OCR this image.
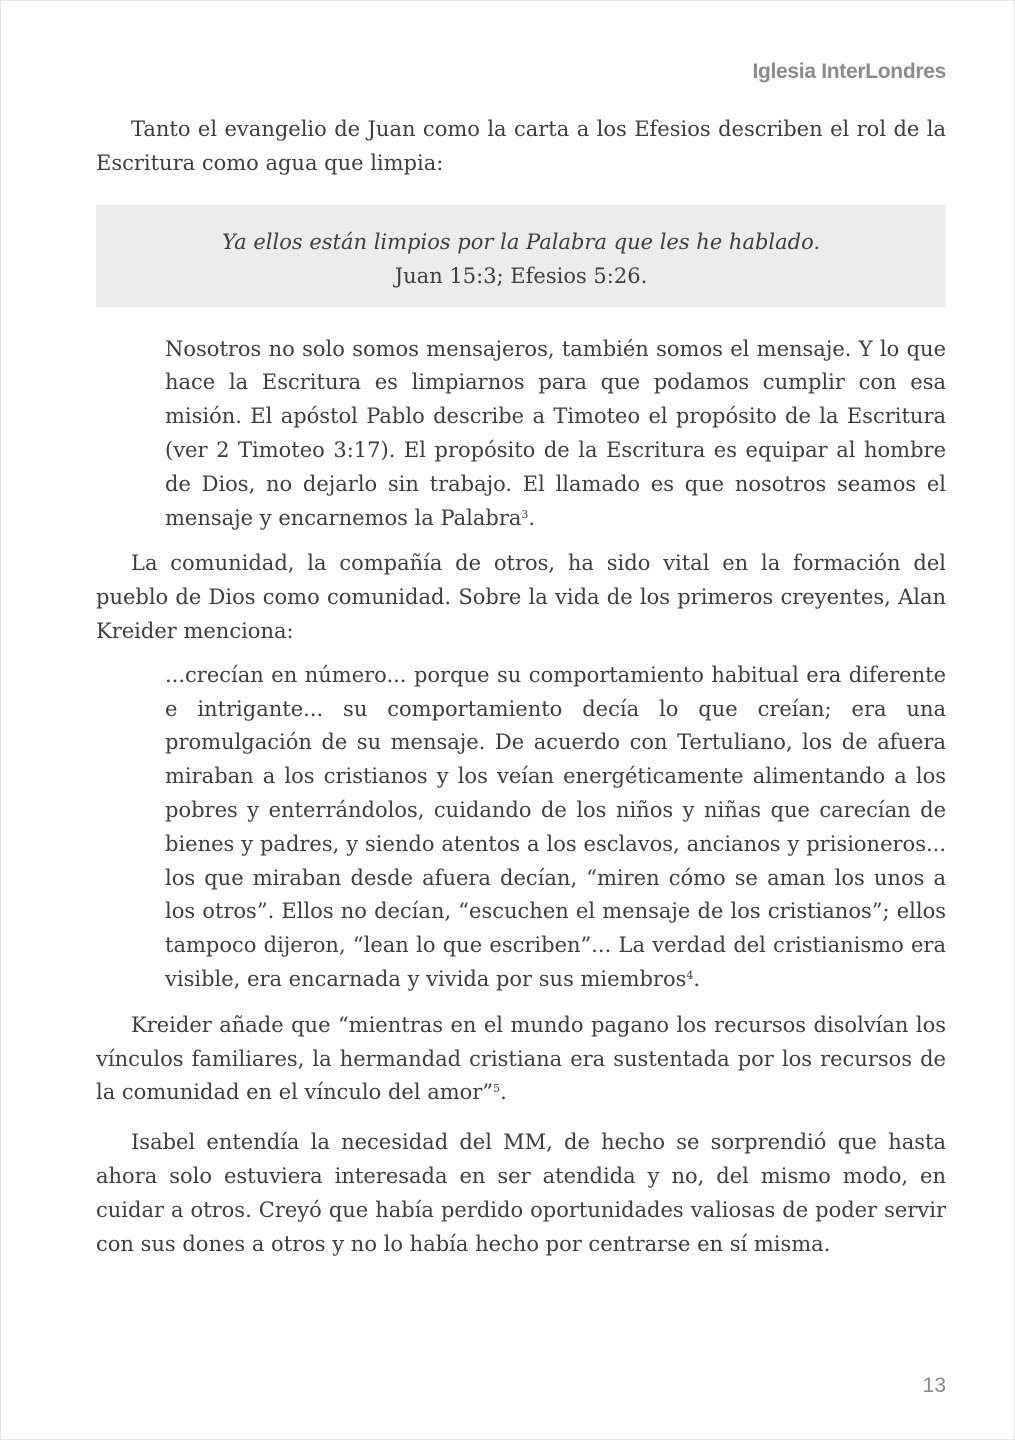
Iglesia InterLondres

Tanto el evangelio de Juan como la carta a los Efesios describen el rol de la Escritura como agua que limpia:

Ya ellos están limpios por la Palabra que les he hablado.
Juan 15:3; Efesios 5:26.

Nosotros no solo somos mensajeros, también somos el mensaje. Y lo que hace la Escritura es limpiarnos para que podamos cumplir con esa misión. El apóstol Pablo describe a Timoteo el propósito de la Escritura (ver 2 Timoteo 3:17). El propósito de la Escritura es equipar al hombre de Dios, no dejarlo sin trabajo. El llamado es que nosotros seamos el mensaje y encarnemos la Palabra$^3$.

La comunidad, la compañía de otros, ha sido vital en la formación del pueblo de Dios como comunidad. Sobre la vida de los primeros creyentes, Alan Kreider menciona:

...crecían en número... porque su comportamiento habitual era diferente e intrigante... su comportamiento decía lo que creían; era una promulgación de su mensaje. De acuerdo con Tertuliano, los de afuera miraban a los cristianos y los veían energéticamente alimentando a los pobres y enterrándolos, cuidando de los niños y niñas que carecían de bienes y padres, y siendo atentos a los esclavos, ancianos y prisioneros... los que miraban desde afuera decían, “miren cómo se aman los unos a los otros”. Ellos no decían, “escuchen el mensaje de los cristianos”; ellos tampoco dijeron, “lean lo que escriben”... La verdad del cristianismo era visible, era encarnada y vivida por sus miembros$^4$.

Kreider añade que “mientras en el mundo pagano los recursos disolvían los vínculos familiares, la hermandad cristiana era sustentada por los recursos de la comunidad en el vínculo del amor”$^5$.

Isabel entendía la necesidad del MM, de hecho se sorprendió que hasta ahora solo estuviera interesada en ser atendida y no, del mismo modo, en cuidar a otros. Creyó que había perdido oportunidades valiosas de poder servir con sus dones a otros y no lo había hecho por centrarse en sí misma.

13
